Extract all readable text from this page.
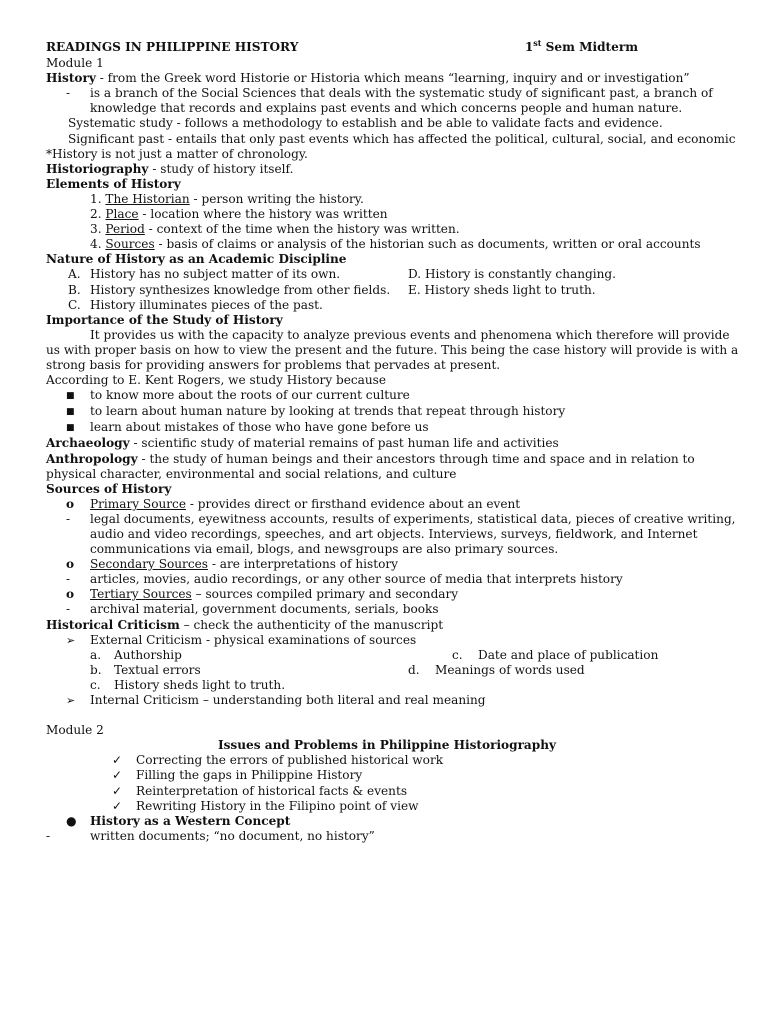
READINGS IN PHILIPPINE HISTORY	1st Sem Midterm
Module 1
History - from the Greek word Historie or Historia which means “learning, inquiry and or investigation”
- is a branch of the Social Sciences that deals with the systematic study of significant past, a branch of
knowledge that records and explains past events and which concerns people and human nature.
Systematic study - follows a methodology to establish and be able to validate facts and evidence.
Significant past - entails that only past events which has affected the political, cultural, social, and economic
*History is not just a matter of chronology.
Historiography - study of history itself.
Elements of History
1. The Historian - person writing the history.
2. Place - location where the history was written
3. Period - context of the time when the history was written.
4. Sources - basis of claims or analysis of the historian such as documents, written or oral accounts
Nature of History as an Academic Discipline
A. History has no subject matter of its own.	D. History is constantly changing.
B. History synthesizes knowledge from other fields.	E. History sheds light to truth.
C. History illuminates pieces of the past.
Importance of the Study of History
It provides us with the capacity to analyze previous events and phenomena which therefore will provide
us with proper basis on how to view the present and the future. This being the case history will provide is with a
strong basis for providing answers for problems that pervades at present.
According to E. Kent Rogers, we study History because
■ to know more about the roots of our current culture
■ to learn about human nature by looking at trends that repeat through history
■ learn about mistakes of those who have gone before us
Archaeology - scientific study of material remains of past human life and activities
Anthropology - the study of human beings and their ancestors through time and space and in relation to
physical character, environmental and social relations, and culture
Sources of History
o Primary Source - provides direct or firsthand evidence about an event
- legal documents, eyewitness accounts, results of experiments, statistical data, pieces of creative writing,
audio and video recordings, speeches, and art objects. Interviews, surveys, fieldwork, and Internet
communications via email, blogs, and newsgroups are also primary sources.
o Secondary Sources - are interpretations of history
- articles, movies, audio recordings, or any other source of media that interprets history
o Tertiary Sources – sources compiled primary and secondary
- archival material, government documents, serials, books
Historical Criticism – check the authenticity of the manuscript
➢ External Criticism - physical examinations of sources
a. Authorship	c. Date and place of publication
b. Textual errors	d. Meanings of words used
c. History sheds light to truth.
➢ Internal Criticism – understanding both literal and real meaning
Module 2
Issues and Problems in Philippine Historiography
✓ Correcting the errors of published historical work
✓ Filling the gaps in Philippine History
✓ Reinterpretation of historical facts & events
✓ Rewriting History in the Filipino point of view
● History as a Western Concept
-	written documents; “no document, no history”
